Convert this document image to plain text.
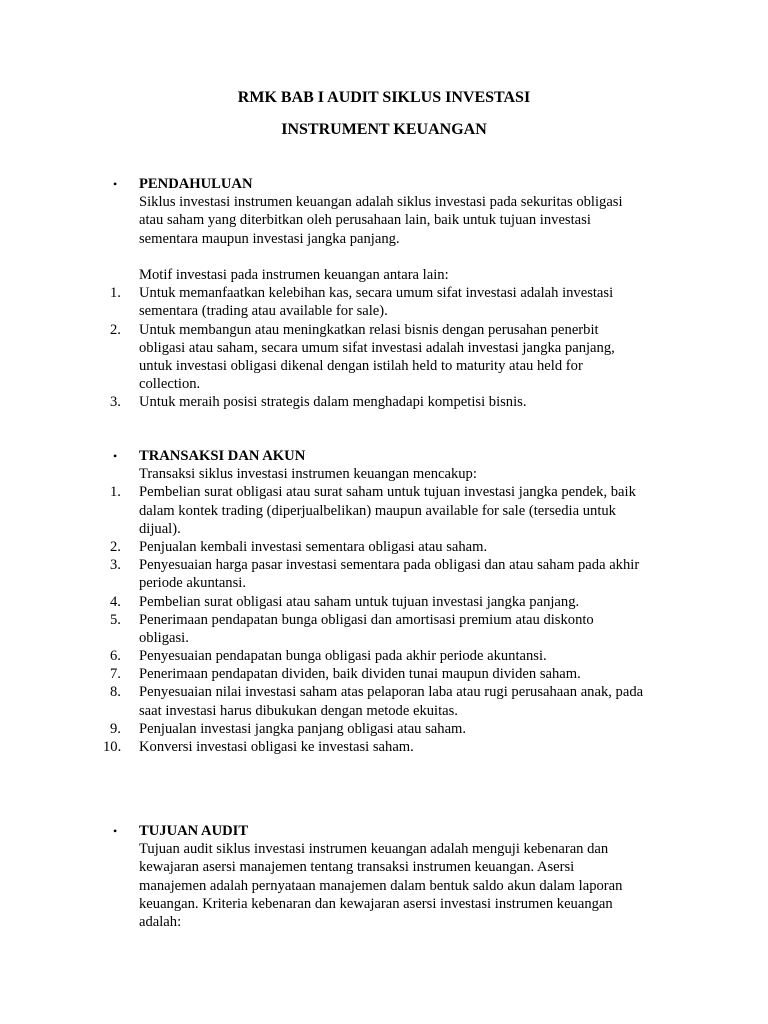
RMK BAB I AUDIT SIKLUS INVESTASI
INSTRUMENT KEUANGAN
•	PENDAHULUAN
Siklus investasi instrumen keuangan adalah siklus investasi pada sekuritas obligasi
atau saham yang diterbitkan oleh perusahaan lain, baik untuk tujuan investasi
sementara maupun investasi jangka panjang.
Motif investasi pada instrumen keuangan antara lain:
1.	Untuk memanfaatkan kelebihan kas, secara umum sifat investasi adalah investasi
sementara (trading atau available for sale).
2.	Untuk membangun atau meningkatkan relasi bisnis dengan perusahan penerbit
obligasi atau saham, secara umum sifat investasi adalah investasi jangka panjang,
untuk investasi obligasi dikenal dengan istilah held to maturity atau held for
collection.
3.	Untuk meraih posisi strategis dalam menghadapi kompetisi bisnis.
•	TRANSAKSI DAN AKUN
Transaksi siklus investasi instrumen keuangan mencakup:
1.	Pembelian surat obligasi atau surat saham untuk tujuan investasi jangka pendek, baik
dalam kontek trading (diperjualbelikan) maupun available for sale (tersedia untuk
dijual).
2.	Penjualan kembali investasi sementara obligasi atau saham.
3.	Penyesuaian harga pasar investasi sementara pada obligasi dan atau saham pada akhir
periode akuntansi.
4.	Pembelian surat obligasi atau saham untuk tujuan investasi jangka panjang.
5.	Penerimaan pendapatan bunga obligasi dan amortisasi premium atau diskonto
obligasi.
6.	Penyesuaian pendapatan bunga obligasi pada akhir periode akuntansi.
7.	Penerimaan pendapatan dividen, baik dividen tunai maupun dividen saham.
8.	Penyesuaian nilai investasi saham atas pelaporan laba atau rugi perusahaan anak, pada
saat investasi harus dibukukan dengan metode ekuitas.
9.	Penjualan investasi jangka panjang obligasi atau saham.
10.	Konversi investasi obligasi ke investasi saham.
•	TUJUAN AUDIT
Tujuan audit siklus investasi instrumen keuangan adalah menguji kebenaran dan
kewajaran asersi manajemen tentang transaksi instrumen keuangan. Asersi
manajemen adalah pernyataan manajemen dalam bentuk saldo akun dalam laporan
keuangan. Kriteria kebenaran dan kewajaran asersi investasi instrumen keuangan
adalah:
